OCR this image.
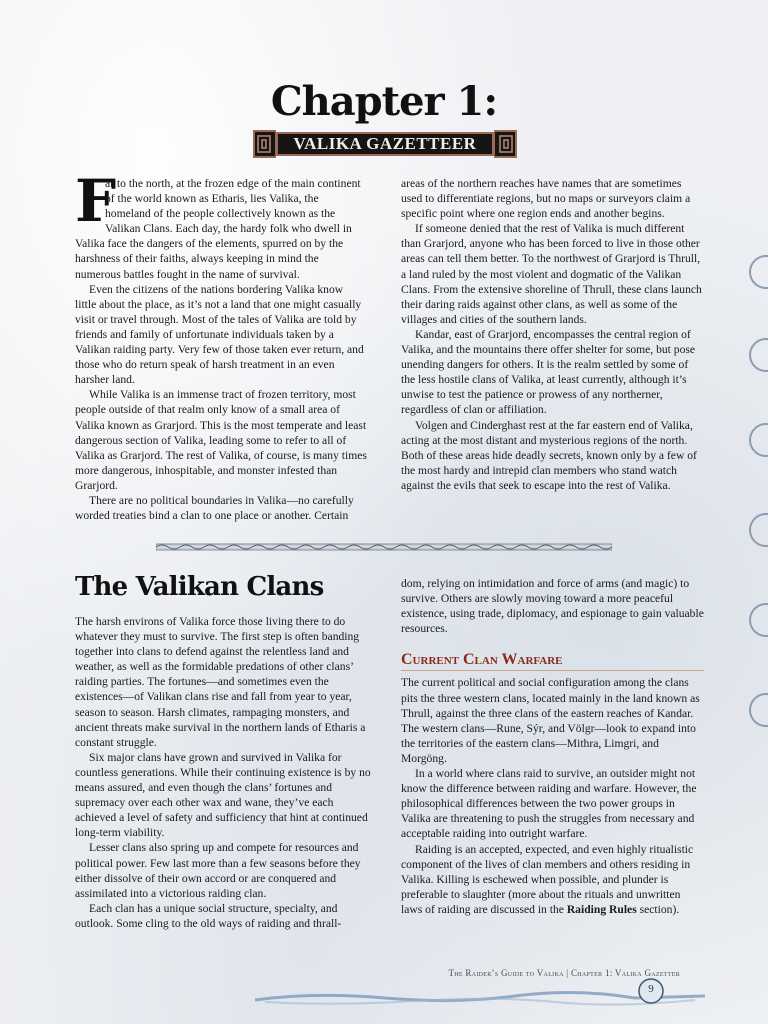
Chapter 1:
VALIKA GAZETTEER

F
ar to the north, at the frozen edge of the main continent of the world known as Etharis, lies Valika, the homeland of the people collectively known as the Valikan Clans. Each day, the hardy folk who dwell in Valika face the dangers of the elements, spurred on by the harshness of their faiths, always keeping in mind the numerous battles fought in the name of survival.

Even the citizens of the nations bordering Valika know little about the place, as it’s not a land that one might casually visit or travel through. Most of the tales of Valika are told by friends and family of unfortunate individuals taken by a Valikan raiding party. Very few of those taken ever return, and those who do return speak of harsh treatment in an even harsher land.

While Valika is an immense tract of frozen territory, most people outside of that realm only know of a small area of Valika known as Grarjord. This is the most temperate and least dangerous section of Valika, leading some to refer to all of Valika as Grarjord. The rest of Valika, of course, is many times more dangerous, inhospitable, and monster infested than Grarjord.

There are no political boundaries in Valika—no carefully worded treaties bind a clan to one place or another. Certain

areas of the northern reaches have names that are sometimes used to differentiate regions, but no maps or surveyors claim a specific point where one region ends and another begins.

If someone denied that the rest of Valika is much different than Grarjord, anyone who has been forced to live in those other areas can tell them better. To the northwest of Grarjord is Thrull, a land ruled by the most violent and dogmatic of the Valikan Clans. From the extensive shoreline of Thrull, these clans launch their daring raids against other clans, as well as some of the villages and cities of the southern lands.

Kandar, east of Grarjord, encompasses the central region of Valika, and the mountains there offer shelter for some, but pose unending dangers for others. It is the realm settled by some of the less hostile clans of Valika, at least currently, although it’s unwise to test the patience or prowess of any northerner, regardless of clan or affiliation.

Volgen and Cinderghast rest at the far eastern end of Valika, acting at the most distant and mysterious regions of the north. Both of these areas hide deadly secrets, known only by a few of the most hardy and intrepid clan members who stand watch against the evils that seek to escape into the rest of Valika.

The Valikan Clans

The harsh environs of Valika force those living there to do whatever they must to survive. The first step is often banding together into clans to defend against the relentless land and weather, as well as the formidable predations of other clans’ raiding parties. The fortunes—and sometimes even the existences—of Valikan clans rise and fall from year to year, season to season. Harsh climates, rampaging monsters, and ancient threats make survival in the northern lands of Etharis a constant struggle.

Six major clans have grown and survived in Valika for countless generations. While their continuing existence is by no means assured, and even though the clans’ fortunes and supremacy over each other wax and wane, they’ve each achieved a level of safety and sufficiency that hint at continued long-term viability.

Lesser clans also spring up and compete for resources and political power. Few last more than a few seasons before they either dissolve of their own accord or are conquered and assimilated into a victorious raiding clan.

Each clan has a unique social structure, specialty, and outlook. Some cling to the old ways of raiding and thrall-

dom, relying on intimidation and force of arms (and magic) to survive. Others are slowly moving toward a more peaceful existence, using trade, diplomacy, and espionage to gain valuable resources.

Current Clan Warfare

The current political and social configuration among the clans pits the three western clans, located mainly in the land known as Thrull, against the three clans of the eastern reaches of Kandar. The western clans—Rune, Sýr, and Völgr—look to expand into the territories of the eastern clans—Mithra, Limgri, and Morgöng.

In a world where clans raid to survive, an outsider might not know the difference between raiding and warfare. However, the philosophical differences between the two power groups in Valika are threatening to push the struggles from necessary and acceptable raiding into outright warfare.

Raiding is an accepted, expected, and even highly ritualistic component of the lives of clan members and others residing in Valika. Killing is eschewed when possible, and plunder is preferable to slaughter (more about the rituals and unwritten laws of raiding are discussed in the Raiding Rules section).

The Raider’s Guide to Valika | Chapter 1: Valika Gazetter
9
